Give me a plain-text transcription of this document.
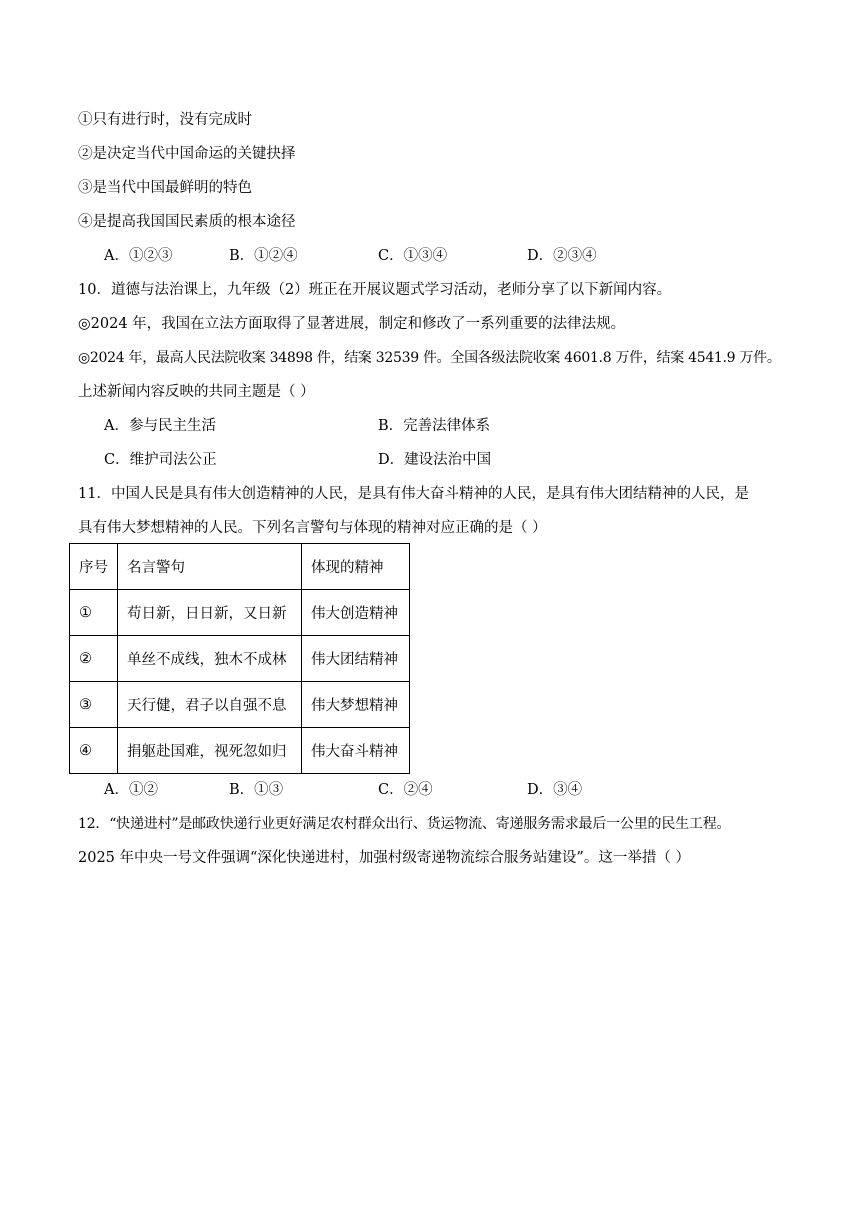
①只有进行时，没有完成时
②是决定当代中国命运的关键抉择
③是当代中国最鲜明的特色
④是提高我国国民素质的根本途径
A．①②③	B．①②④	C．①③④	D．②③④
10．道德与法治课上，九年级（2）班正在开展议题式学习活动，老师分享了以下新闻内容。
◎2024 年，我国在立法方面取得了显著进展，制定和修改了一系列重要的法律法规。
◎2024 年，最高人民法院收案 34898 件，结案 32539 件。全国各级法院收案 4601.8 万件，结案 4541.9 万件。
上述新闻内容反映的共同主题是（ ）
A．参与民主生活	B．完善法律体系
C．维护司法公正	D．建设法治中国
11．中国人民是具有伟大创造精神的人民，是具有伟大奋斗精神的人民，是具有伟大团结精神的人民，是
具有伟大梦想精神的人民。下列名言警句与体现的精神对应正确的是（ ）
序号	名言警句	体现的精神
①	苟日新，日日新，又日新	伟大创造精神
②	单丝不成线，独木不成林	伟大团结精神
③	天行健，君子以自强不息	伟大梦想精神
④	捐躯赴国难，视死忽如归	伟大奋斗精神
A．①②	B．①③	C．②④	D．③④
12．“快递进村”是邮政快递行业更好满足农村群众出行、货运物流、寄递服务需求最后一公里的民生工程。
2025 年中央一号文件强调“深化快递进村，加强村级寄递物流综合服务站建设”。这一举措（ ）
